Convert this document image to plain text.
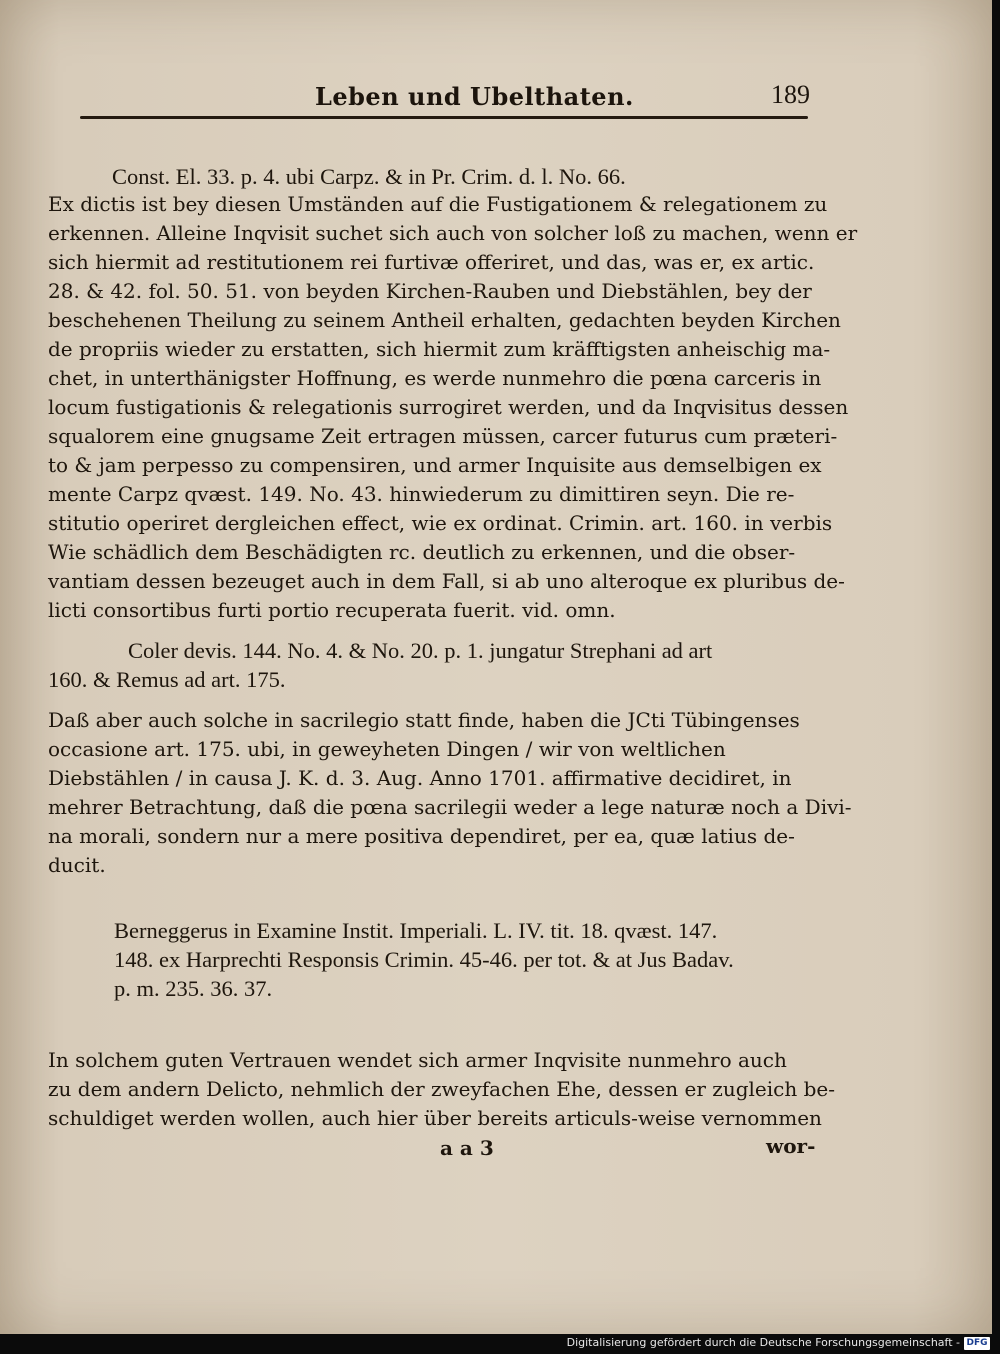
Leben und Ubelthaten.	189
Const. El. 33. p. 4. ubi Carpz. & in Pr. Crim. d. l. No. 66.
Ex dictis ist bey diesen Umständen auf die Fustigationem & relegationem zu
erkennen. Alleine Inqvisit suchet sich auch von solcher loß zu machen, wenn er
sich hiermit ad restitutionem rei furtivæ offeriret, und das, was er, ex artic.
28. & 42. fol. 50. 51. von beyden Kirchen-Rauben und Diebstählen, bey der
beschehenen Theilung zu seinem Antheil erhalten, gedachten beyden Kirchen
de propriis wieder zu erstatten, sich hiermit zum kräfftigsten anheischig ma-
chet, in unterthänigster Hoffnung, es werde nunmehro die pœna carceris in
locum fustigationis & relegationis surrogiret werden, und da Inqvisitus dessen
squalorem eine gnugsame Zeit ertragen müssen, carcer futurus cum præteri-
to & jam perpesso zu compensiren, und armer Inquisite aus demselbigen ex
mente Carpz qvæst. 149. No. 43. hinwiederum zu dimittiren seyn. Die re-
stitutio operiret dergleichen effect, wie ex ordinat. Crimin. art. 160. in verbis
Wie schädlich dem Beschädigten rc. deutlich zu erkennen, und die obser-
vantiam dessen bezeuget auch in dem Fall, si ab uno alteroque ex pluribus de-
licti consortibus furti portio recuperata fuerit. vid. omn.
Coler devis. 144. No. 4. & No. 20. p. 1. jungatur Strephani ad art
160. & Remus ad art. 175.
Daß aber auch solche in sacrilegio statt finde, haben die JCti Tübingenses
occasione art. 175. ubi, in geweyheten Dingen / wir von weltlichen
Diebstählen / in causa J. K. d. 3. Aug. Anno 1701. affirmative decidiret, in
mehrer Betrachtung, daß die pœna sacrilegii weder a lege naturæ noch a Divi-
na morali, sondern nur a mere positiva dependiret, per ea, quæ latius de-
ducit.
Berneggerus in Examine Instit. Imperiali. L. IV. tit. 18. qvæst. 147.
148. ex Harprechti Responsis Crimin. 45-46. per tot. & at Jus Badav.
p. m. 235. 36. 37.
In solchem guten Vertrauen wendet sich armer Inqvisite nunmehro auch
zu dem andern Delicto, nehmlich der zweyfachen Ehe, dessen er zugleich be-
schuldiget werden wollen, auch hier über bereits articuls-weise vernommen
a a 3	wor-
Digitalisierung gefördert durch die Deutsche Forschungsgemeinschaft - DFG
